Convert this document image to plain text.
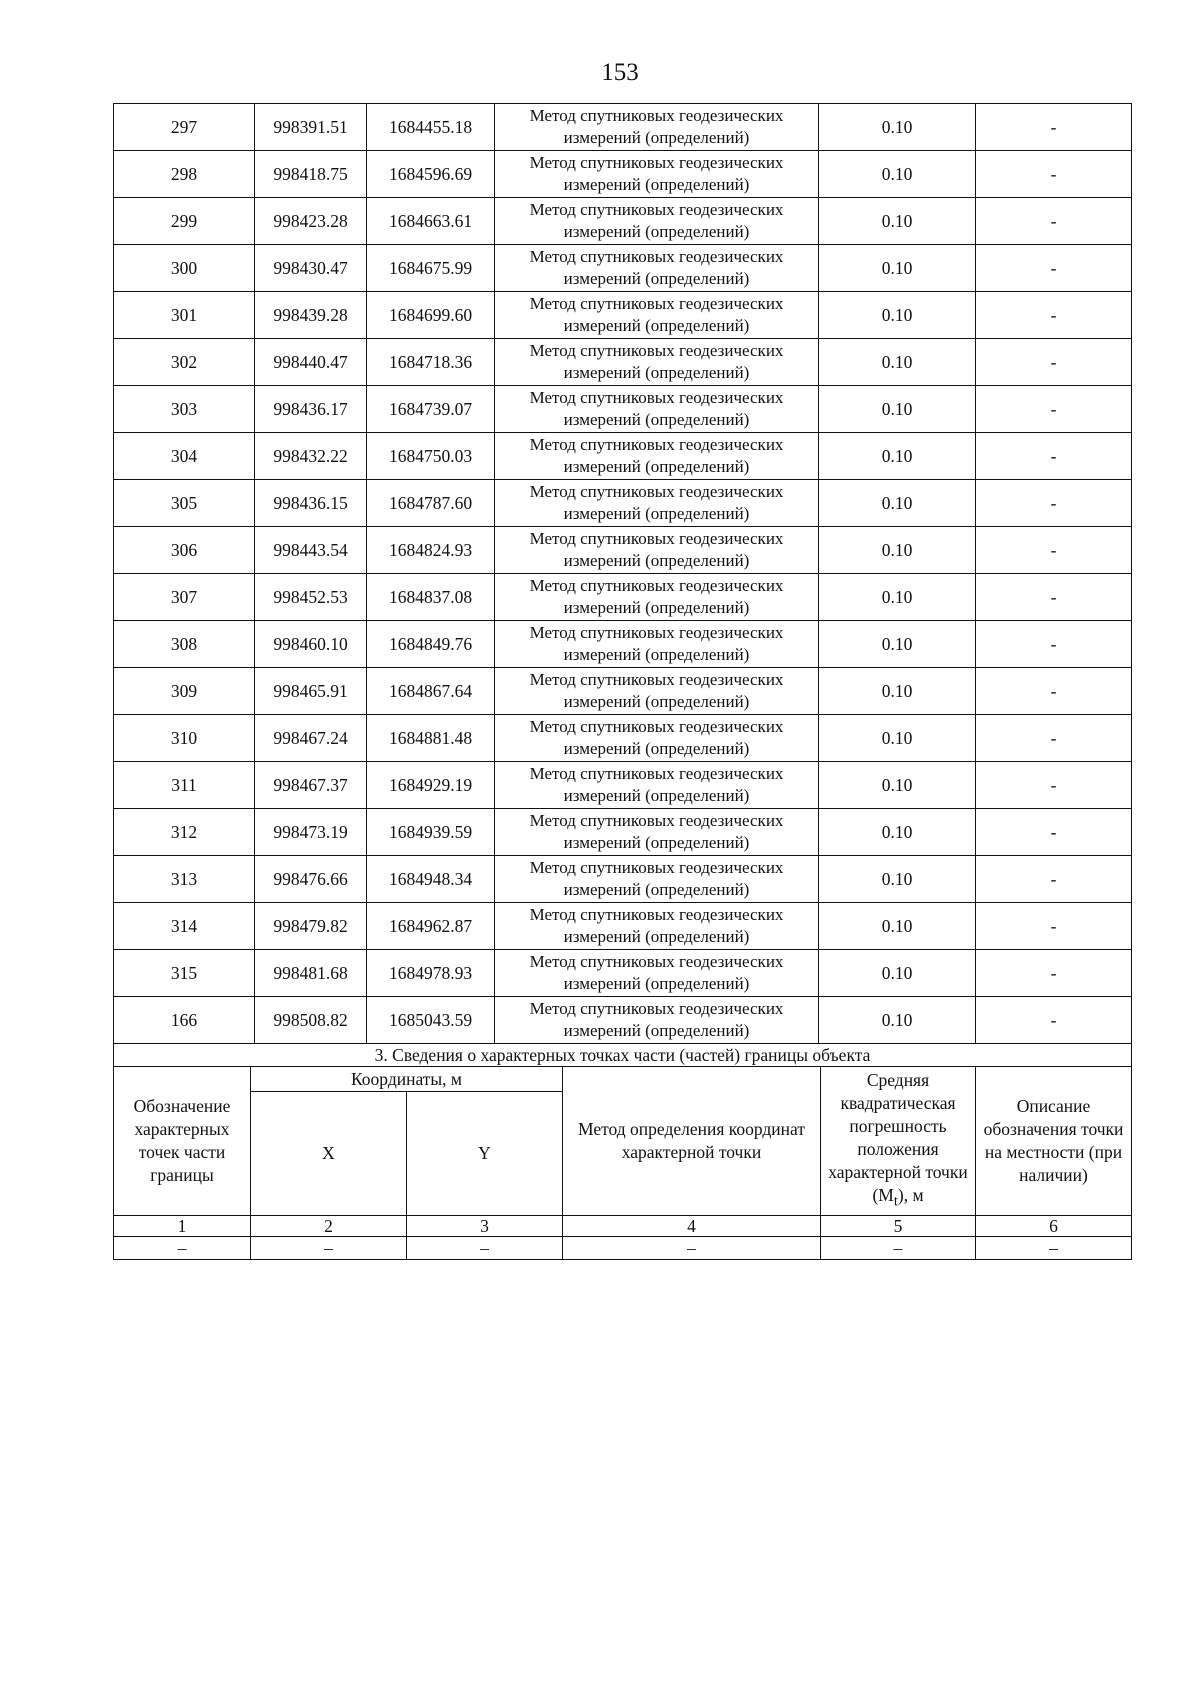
153
297	998391.51	1684455.18	Метод спутниковых геодезических
измерений (определений)	0.10	-
298	998418.75	1684596.69	Метод спутниковых геодезических
измерений (определений)	0.10	-
299	998423.28	1684663.61	Метод спутниковых геодезических
измерений (определений)	0.10	-
300	998430.47	1684675.99	Метод спутниковых геодезических
измерений (определений)	0.10	-
301	998439.28	1684699.60	Метод спутниковых геодезических
измерений (определений)	0.10	-
302	998440.47	1684718.36	Метод спутниковых геодезических
измерений (определений)	0.10	-
303	998436.17	1684739.07	Метод спутниковых геодезических
измерений (определений)	0.10	-
304	998432.22	1684750.03	Метод спутниковых геодезических
измерений (определений)	0.10	-
305	998436.15	1684787.60	Метод спутниковых геодезических
измерений (определений)	0.10	-
306	998443.54	1684824.93	Метод спутниковых геодезических
измерений (определений)	0.10	-
307	998452.53	1684837.08	Метод спутниковых геодезических
измерений (определений)	0.10	-
308	998460.10	1684849.76	Метод спутниковых геодезических
измерений (определений)	0.10	-
309	998465.91	1684867.64	Метод спутниковых геодезических
измерений (определений)	0.10	-
310	998467.24	1684881.48	Метод спутниковых геодезических
измерений (определений)	0.10	-
311	998467.37	1684929.19	Метод спутниковых геодезических
измерений (определений)	0.10	-
312	998473.19	1684939.59	Метод спутниковых геодезических
измерений (определений)	0.10	-
313	998476.66	1684948.34	Метод спутниковых геодезических
измерений (определений)	0.10	-
314	998479.82	1684962.87	Метод спутниковых геодезических
измерений (определений)	0.10	-
315	998481.68	1684978.93	Метод спутниковых геодезических
измерений (определений)	0.10	-
166	998508.82	1685043.59	Метод спутниковых геодезических
измерений (определений)	0.10	-
3. Сведения о характерных точках части (частей) границы объекта					
Обозначение характерных точек части границы	Координаты, м		Метод определения координат характерной точки	Средняя квадратическая погрешность положения характерной точки $(M_t)$, м	Описание обозначения точки на местности (при наличии)
	X	Y			
1	2	3	4	5	6
–	–	–	–	–	–
